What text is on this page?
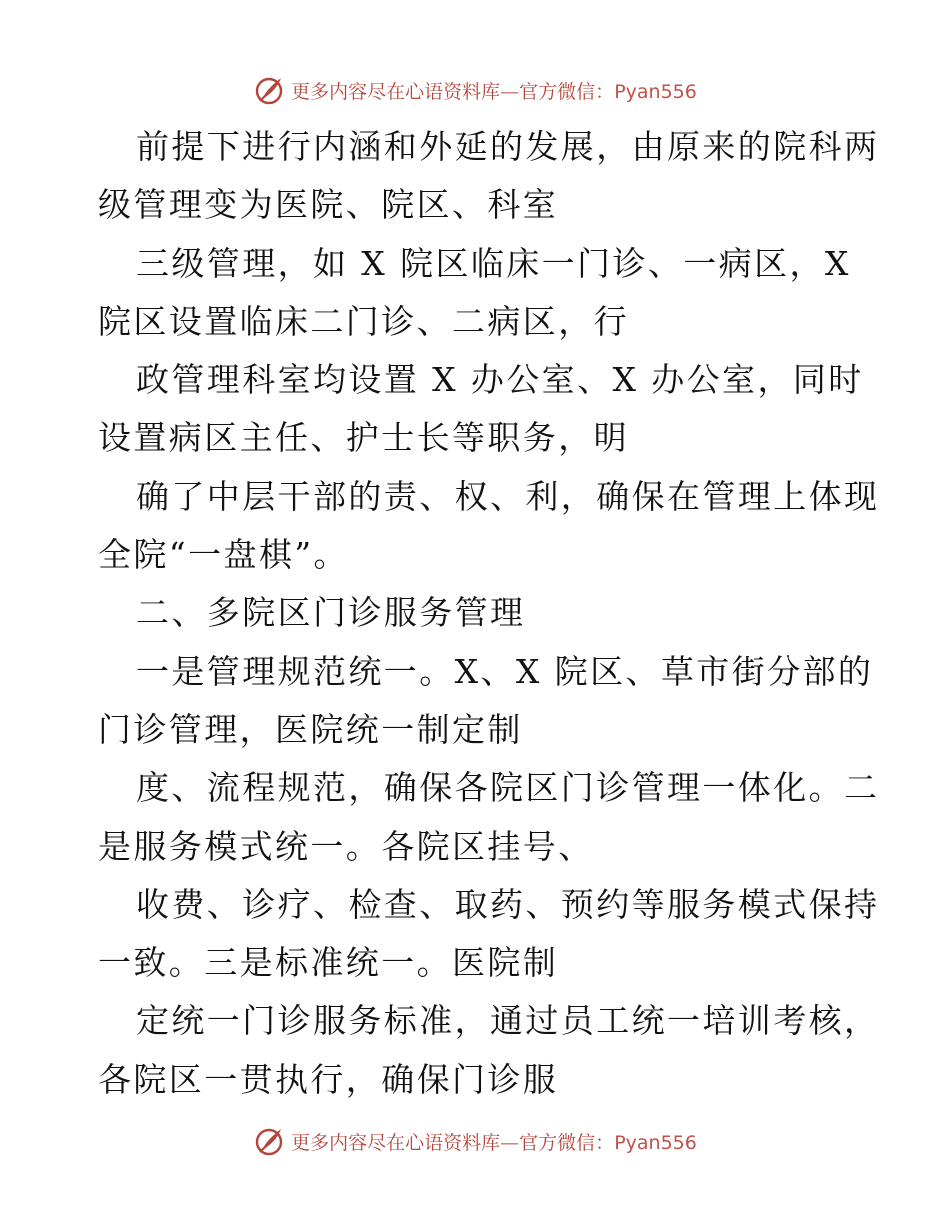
更多内容尽在心语资料库—官方微信：Pyan556
前提下进行内涵和外延的发展，由原来的院科两
级管理变为医院、院区、科室
三级管理，如 X 院区临床一门诊、一病区，X
院区设置临床二门诊、二病区，行
政管理科室均设置 X 办公室、X 办公室，同时
设置病区主任、护士长等职务，明
确了中层干部的责、权、利，确保在管理上体现
全院“一盘棋”。
二、多院区门诊服务管理
一是管理规范统一。X、X 院区、草市街分部的
门诊管理，医院统一制定制
度、流程规范，确保各院区门诊管理一体化。二
是服务模式统一。各院区挂号、
收费、诊疗、检查、取药、预约等服务模式保持
一致。三是标准统一。医院制
定统一门诊服务标准，通过员工统一培训考核，
各院区一贯执行，确保门诊服
更多内容尽在心语资料库—官方微信：Pyan556
